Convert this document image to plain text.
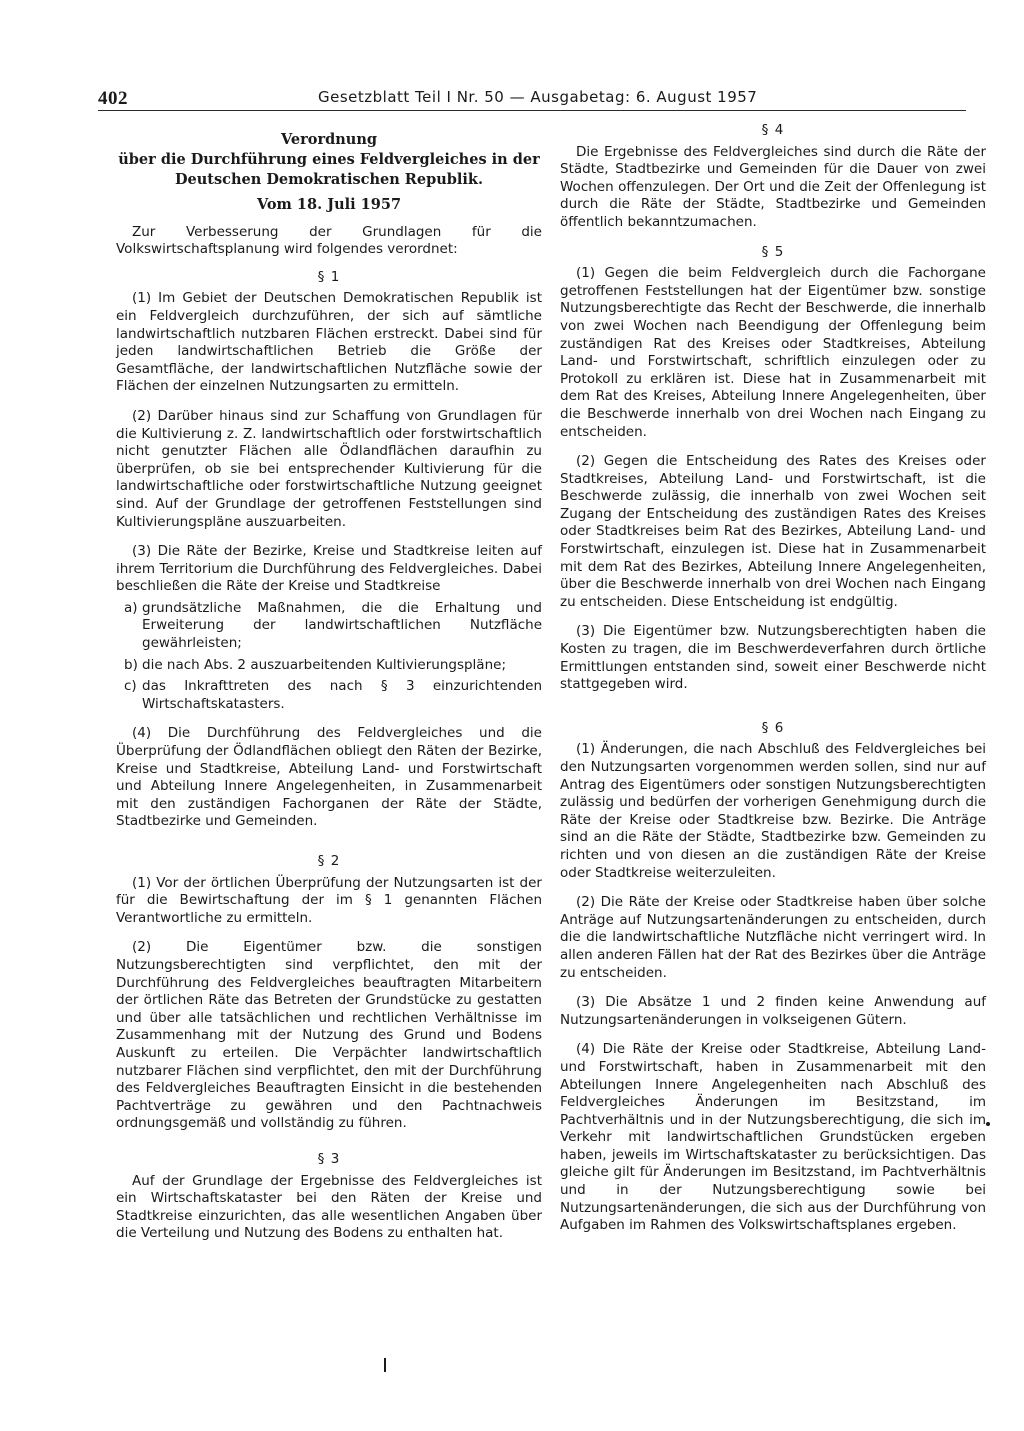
402	Gesetzblatt Teil I Nr. 50 — Ausgabetag: 6. August 1957
Verordnung
über die Durchführung eines Feldvergleiches in der
Deutschen Demokratischen Republik.
Vom 18. Juli 1957

Zur Verbesserung der Grundlagen für die Volkswirtschaftsplanung wird folgendes verordnet:

§ 1

(1) Im Gebiet der Deutschen Demokratischen Republik ist ein Feldvergleich durchzuführen, der sich auf sämtliche landwirtschaftlich nutzbaren Flächen erstreckt. Dabei sind für jeden landwirtschaftlichen Betrieb die Größe der Gesamtfläche, der landwirtschaftlichen Nutzfläche sowie der Flächen der einzelnen Nutzungsarten zu ermitteln.

(2) Darüber hinaus sind zur Schaffung von Grundlagen für die Kultivierung z. Z. landwirtschaftlich oder forstwirtschaftlich nicht genutzter Flächen alle Ödlandflächen daraufhin zu überprüfen, ob sie bei entsprechender Kultivierung für die landwirtschaftliche oder forstwirtschaftliche Nutzung geeignet sind. Auf der Grundlage der getroffenen Feststellungen sind Kultivierungspläne auszuarbeiten.

(3) Die Räte der Bezirke, Kreise und Stadtkreise leiten auf ihrem Territorium die Durchführung des Feldvergleiches. Dabei beschließen die Räte der Kreise und Stadtkreise

a) grundsätzliche Maßnahmen, die die Erhaltung und Erweiterung der landwirtschaftlichen Nutzfläche gewährleisten;
b) die nach Abs. 2 auszuarbeitenden Kultivierungspläne;
c) das Inkrafttreten des nach § 3 einzurichtenden Wirtschaftskatasters.

(4) Die Durchführung des Feldvergleiches und die Überprüfung der Ödlandflächen obliegt den Räten der Bezirke, Kreise und Stadtkreise, Abteilung Land- und Forstwirtschaft und Abteilung Innere Angelegenheiten, in Zusammenarbeit mit den zuständigen Fachorganen der Räte der Städte, Stadtbezirke und Gemeinden.

§ 2

(1) Vor der örtlichen Überprüfung der Nutzungsarten ist der für die Bewirtschaftung der im § 1 genannten Flächen Verantwortliche zu ermitteln.

(2) Die Eigentümer bzw. die sonstigen Nutzungsberechtigten sind verpflichtet, den mit der Durchführung des Feldvergleiches beauftragten Mitarbeitern der örtlichen Räte das Betreten der Grundstücke zu gestatten und über alle tatsächlichen und rechtlichen Verhältnisse im Zusammenhang mit der Nutzung des Grund und Bodens Auskunft zu erteilen. Die Verpächter landwirtschaftlich nutzbarer Flächen sind verpflichtet, den mit der Durchführung des Feldvergleiches Beauftragten Einsicht in die bestehenden Pachtverträge zu gewähren und den Pachtnachweis ordnungsgemäß und vollständig zu führen.

§ 3

Auf der Grundlage der Ergebnisse des Feldvergleiches ist ein Wirtschaftskataster bei den Räten der Kreise und Stadtkreise einzurichten, das alle wesentlichen Angaben über die Verteilung und Nutzung des Bodens zu enthalten hat.

§ 4

Die Ergebnisse des Feldvergleiches sind durch die Räte der Städte, Stadtbezirke und Gemeinden für die Dauer von zwei Wochen offenzulegen. Der Ort und die Zeit der Offenlegung ist durch die Räte der Städte, Stadtbezirke und Gemeinden öffentlich bekanntzumachen.

§ 5

(1) Gegen die beim Feldvergleich durch die Fachorgane getroffenen Feststellungen hat der Eigentümer bzw. sonstige Nutzungsberechtigte das Recht der Beschwerde, die innerhalb von zwei Wochen nach Beendigung der Offenlegung beim zuständigen Rat des Kreises oder Stadtkreises, Abteilung Land- und Forstwirtschaft, schriftlich einzulegen oder zu Protokoll zu erklären ist. Diese hat in Zusammenarbeit mit dem Rat des Kreises, Abteilung Innere Angelegenheiten, über die Beschwerde innerhalb von drei Wochen nach Eingang zu entscheiden.

(2) Gegen die Entscheidung des Rates des Kreises oder Stadtkreises, Abteilung Land- und Forstwirtschaft, ist die Beschwerde zulässig, die innerhalb von zwei Wochen seit Zugang der Entscheidung des zuständigen Rates des Kreises oder Stadtkreises beim Rat des Bezirkes, Abteilung Land- und Forstwirtschaft, einzulegen ist. Diese hat in Zusammenarbeit mit dem Rat des Bezirkes, Abteilung Innere Angelegenheiten, über die Beschwerde innerhalb von drei Wochen nach Eingang zu entscheiden. Diese Entscheidung ist endgültig.

(3) Die Eigentümer bzw. Nutzungsberechtigten haben die Kosten zu tragen, die im Beschwerdeverfahren durch örtliche Ermittlungen entstanden sind, soweit einer Beschwerde nicht stattgegeben wird.

§ 6

(1) Änderungen, die nach Abschluß des Feldvergleiches bei den Nutzungsarten vorgenommen werden sollen, sind nur auf Antrag des Eigentümers oder sonstigen Nutzungsberechtigten zulässig und bedürfen der vorherigen Genehmigung durch die Räte der Kreise oder Stadtkreise bzw. Bezirke. Die Anträge sind an die Räte der Städte, Stadtbezirke bzw. Gemeinden zu richten und von diesen an die zuständigen Räte der Kreise oder Stadtkreise weiterzuleiten.

(2) Die Räte der Kreise oder Stadtkreise haben über solche Anträge auf Nutzungsartenänderungen zu entscheiden, durch die die landwirtschaftliche Nutzfläche nicht verringert wird. In allen anderen Fällen hat der Rat des Bezirkes über die Anträge zu entscheiden.

(3) Die Absätze 1 und 2 finden keine Anwendung auf Nutzungsartenänderungen in volkseigenen Gütern.

(4) Die Räte der Kreise oder Stadtkreise, Abteilung Land- und Forstwirtschaft, haben in Zusammenarbeit mit den Abteilungen Innere Angelegenheiten nach Abschluß des Feldvergleiches Änderungen im Besitzstand, im Pachtverhältnis und in der Nutzungsberechtigung, die sich im Verkehr mit landwirtschaftlichen Grundstücken ergeben haben, jeweils im Wirtschaftskataster zu berücksichtigen. Das gleiche gilt für Änderungen im Besitzstand, im Pachtverhältnis und in der Nutzungsberechtigung sowie bei Nutzungsartenänderungen, die sich aus der Durchführung von Aufgaben im Rahmen des Volkswirtschaftsplanes ergeben.
